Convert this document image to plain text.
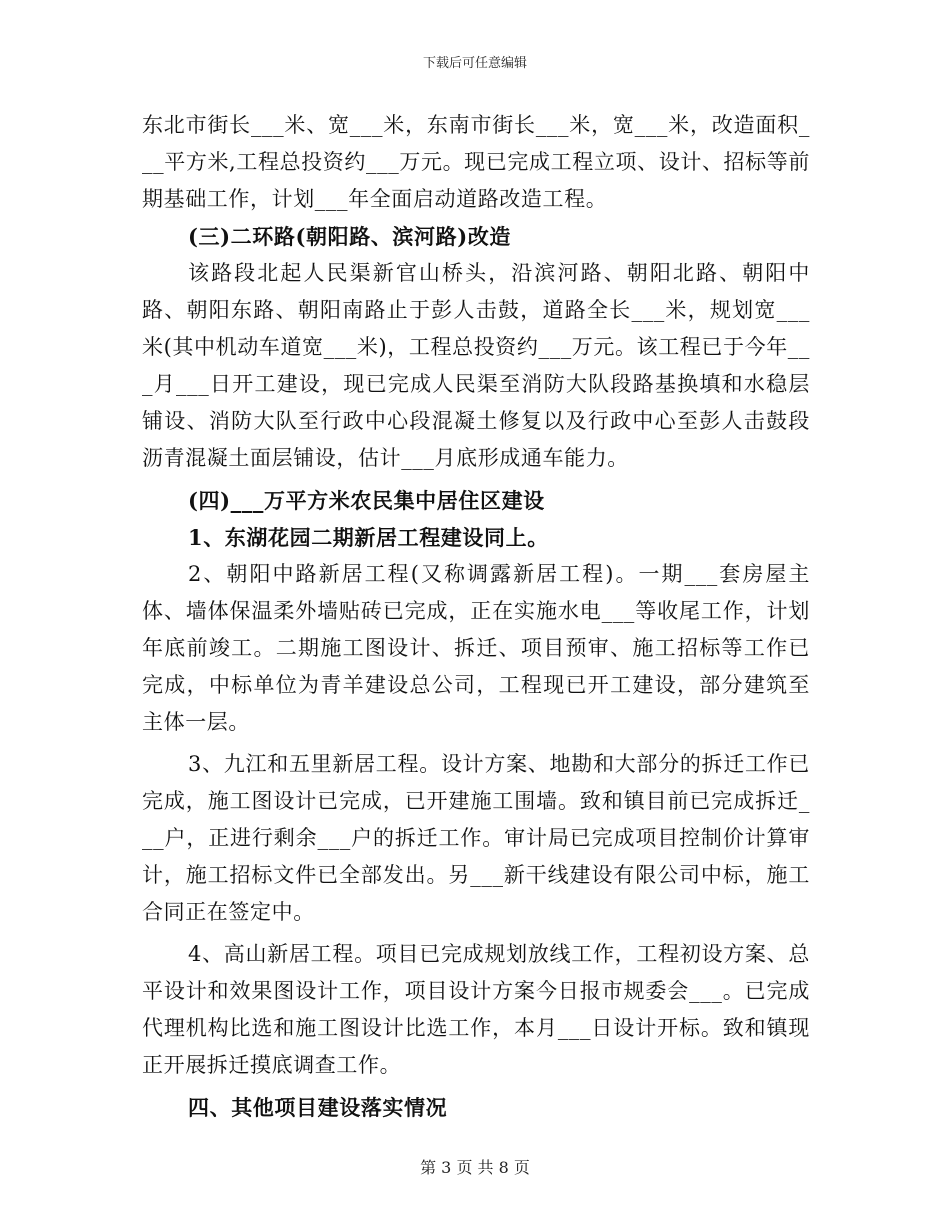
下载后可任意编辑

东北市街长___米、宽___米，东南市街长___米，宽___米，改造面积___平方米,工程总投资约___万元。现已完成工程立项、设计、招标等前期基础工作，计划___年全面启动道路改造工程。

(三)二环路(朝阳路、滨河路)改造

该路段北起人民渠新官山桥头，沿滨河路、朝阳北路、朝阳中路、朝阳东路、朝阳南路止于彭人击鼓，道路全长___米，规划宽___米(其中机动车道宽___米)，工程总投资约___万元。该工程已于今年___月___日开工建设，现已完成人民渠至消防大队段路基换填和水稳层铺设、消防大队至行政中心段混凝土修复以及行政中心至彭人击鼓段沥青混凝土面层铺设，估计___月底形成通车能力。

(四)___万平方米农民集中居住区建设

1、东湖花园二期新居工程建设同上。

2、朝阳中路新居工程(又称调露新居工程)。一期___套房屋主体、墙体保温柔外墙贴砖已完成，正在实施水电___等收尾工作，计划年底前竣工。二期施工图设计、拆迁、项目预审、施工招标等工作已完成，中标单位为青羊建设总公司，工程现已开工建设，部分建筑至主体一层。

3、九江和五里新居工程。设计方案、地勘和大部分的拆迁工作已完成，施工图设计已完成，已开建施工围墙。致和镇目前已完成拆迁___户，正进行剩余___户的拆迁工作。审计局已完成项目控制价计算审计，施工招标文件已全部发出。另___新干线建设有限公司中标，施工合同正在签定中。

4、高山新居工程。项目已完成规划放线工作，工程初设方案、总平设计和效果图设计工作，项目设计方案今日报市规委会___。已完成代理机构比选和施工图设计比选工作，本月___日设计开标。致和镇现正开展拆迁摸底调查工作。

四、其他项目建设落实情况

第 3 页 共 8 页
